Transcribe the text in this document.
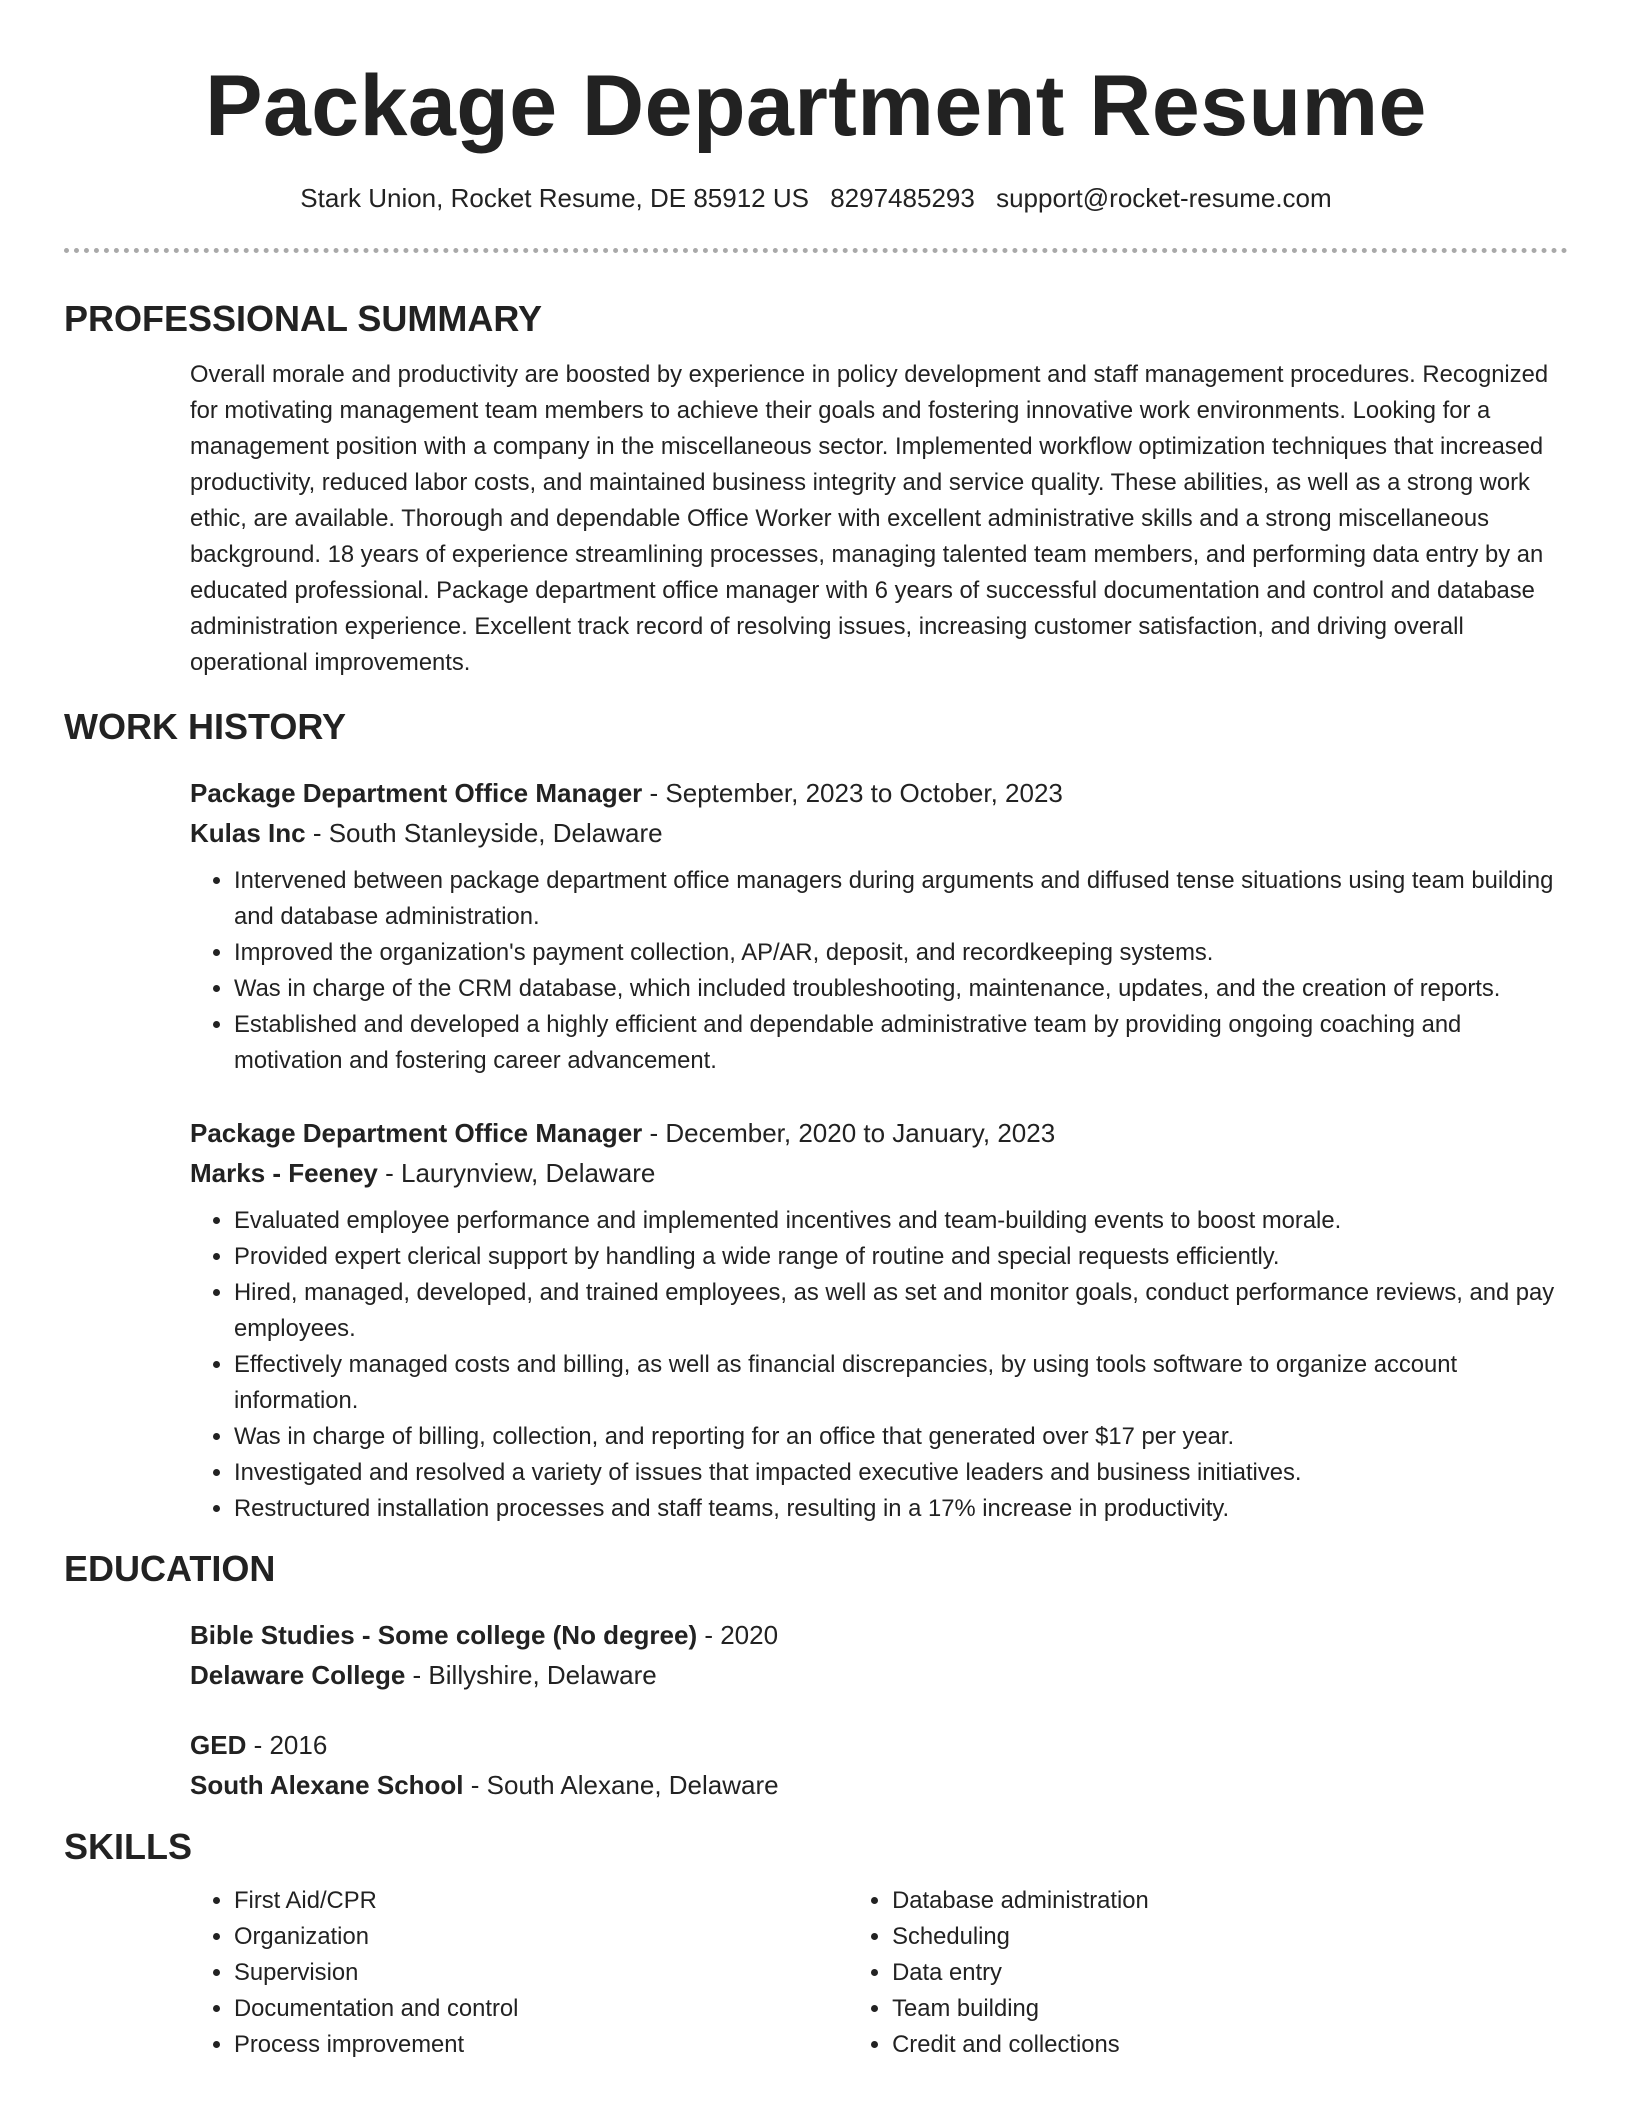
Package Department Resume
Stark Union, Rocket Resume, DE 85912 US 8297485293 support@rocket-resume.com
PROFESSIONAL SUMMARY

Overall morale and productivity are boosted by experience in policy development and staff management procedures. Recognized for motivating management team members to achieve their goals and fostering innovative work environments. Looking for a management position with a company in the miscellaneous sector. Implemented workflow optimization techniques that increased productivity, reduced labor costs, and maintained business integrity and service quality. These abilities, as well as a strong work ethic, are available. Thorough and dependable Office Worker with excellent administrative skills and a strong miscellaneous background. 18 years of experience streamlining processes, managing talented team members, and performing data entry by an educated professional. Package department office manager with 6 years of successful documentation and control and database administration experience. Excellent track record of resolving issues, increasing customer satisfaction, and driving overall operational improvements.

WORK HISTORY
Package Department Office Manager - September, 2023 to October, 2023
Kulas Inc - South Stanleyside, Delaware
• Intervened between package department office managers during arguments and diffused tense situations using team building and database administration.
• Improved the organization's payment collection, AP/AR, deposit, and recordkeeping systems.
• Was in charge of the CRM database, which included troubleshooting, maintenance, updates, and the creation of reports.
• Established and developed a highly efficient and dependable administrative team by providing ongoing coaching and motivation and fostering career advancement.
Package Department Office Manager - December, 2020 to January, 2023
Marks - Feeney - Laurynview, Delaware
• Evaluated employee performance and implemented incentives and team-building events to boost morale.
• Provided expert clerical support by handling a wide range of routine and special requests efficiently.
• Hired, managed, developed, and trained employees, as well as set and monitor goals, conduct performance reviews, and pay employees.
• Effectively managed costs and billing, as well as financial discrepancies, by using tools software to organize account information.
• Was in charge of billing, collection, and reporting for an office that generated over $17 per year.
• Investigated and resolved a variety of issues that impacted executive leaders and business initiatives.
• Restructured installation processes and staff teams, resulting in a 17% increase in productivity.
EDUCATION
Bible Studies - Some college (No degree) - 2020
Delaware College - Billyshire, Delaware
GED - 2016
South Alexane School - South Alexane, Delaware
SKILLS
• First Aid/CPR
• Organization
• Supervision
• Documentation and control
• Process improvement
• Database administration
• Scheduling
• Data entry
• Team building
• Credit and collections
